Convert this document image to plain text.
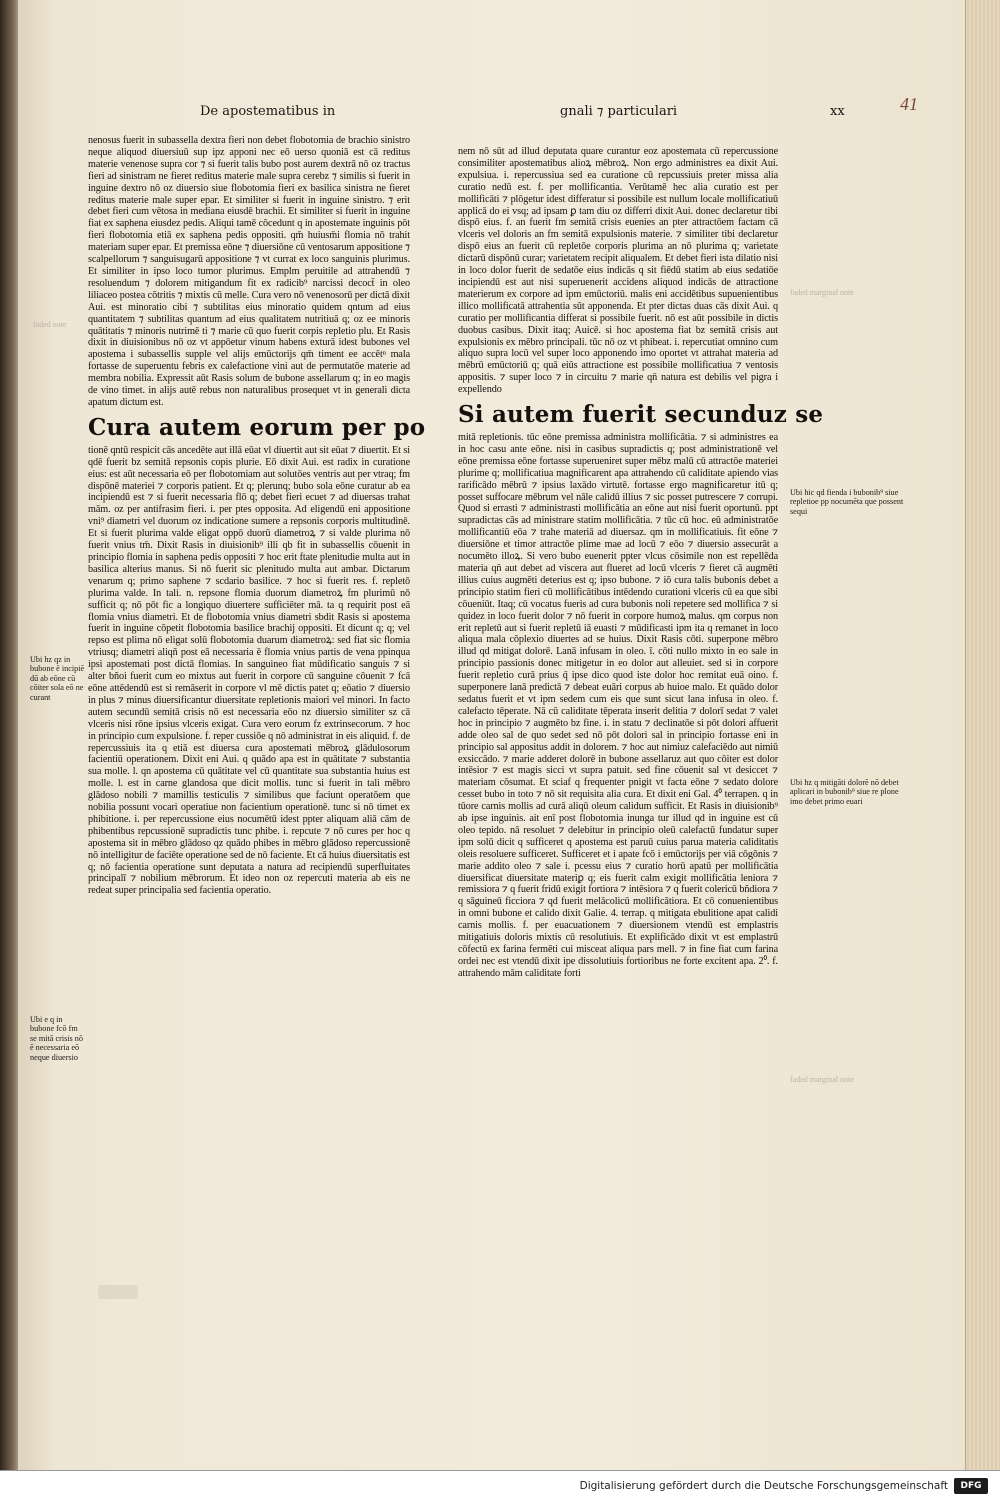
De apostematibus in	gnali ⁊ particulari	xx	41

nenosus fuerit in subassella dextra fieri non debet flobotomia de brachio sinistro neque aliquod diuersiuū sup ipz apponi nec eō uerso quoniā est cā reditus materie venenose supra cor ⁊ si fuerit talis bubo post aurem dextrā nō oz tractus fieri ad sinistram ne fieret reditus materie male supra cerebz ⁊ similis si fuerit in inguine dextro nō oz diuersio siue flobotomia fieri ex basilica sinistra ne fieret reditus materie male super epar. Et similiter si fuerit in inguine sinistro. ⁊ erit debet fieri cum vētosa in mediana eiusdē brachii. Et similiter si fuerit in inguine fiat ex saphena eiusdez pedis. Aliqui tamē cōcedunt q in apostemate inguinis pōt fieri flobotomia etiā ex saphena pedis oppositi. qm̄ huiusm̄i flomia nō trahit materiam super epar. Et premissa eōne ⁊ diuersiōne cū ventosarum appositione ⁊ scalpellorum ⁊ sanguisugarū appositione ⁊ vt currat ex loco sanguinis plurimus. Et similiter in ipso loco tumor plurimus. Emplm peruitile ad attrahendū ⁊ resoluendum ⁊ dolorem mitigandum fit ex radicib⁹ narcissi decoct̄ in oleo liliaceo postea cōtritis ⁊ mixtis cū melle. Cura vero nō venenosorū per dictā dixit Aui. est minoratio cibi ⁊ subtilitas eius minoratio quidem qntum ad eius quantitatem ⁊ subtilitas quantum ad eius qualitatem nutritiuā q; oz ee minoris quātitatis ⁊ minoris nutrimē ti ⁊ marie cū quo fuerit corpis repletio plu. Et Rasis dixit in diuisionibus nō oz vt appōetur vinum habens exturā idest bubones vel apostema i subassellis supple vel alijs emūctorijs qm̄ timent ee accētⁿ mala fortasse de superuentu febris ex calefactione vini aut de permutatōe materie ad membra nobilia. Expressit aūt Rasis solum de bubone assellarum q; in eo magis de vino timet. in alijs autē rebus non naturalibus prosequet vt in generali dicta apatum dictum est.

Cura autem eorum per po

tionē qntū respicit cās ancedēte aut illā eūat vl diuertit aut sit eūat ⁊ diuertit. Et si qdē fuerit bz semitā repsonis copis plurie. Eō dixit Aui. est radix in curatione eius: est aūt necessaria eō per flobotomiam aut solutōes ventris aut per vtraq; fm dispōnē materiei ⁊ corporis patient. Et q; plerunq; bubo sola eōne curatur ab ea incipiendū est ⁊ si fuerit necessaria flō q; debet fieri ecuet ⁊ ad diuersas trahat mām. oz per antifrasim fieri. i. per ptes opposita. Ad eligendū eni appositione vni⁹ diametri vel duorum oz indicatione sumere a repsonis corporis multitudinē. Et si fuerit plurima valde eligat oppō duorū diametroꝝ ⁊ si valde plurima nō fuerit vnius tm̄. Dixit Rasis in diuisionib⁹ illi qb fit in subassellis cōuenit in principio flomia in saphena pedis oppositi ⁊ hoc erit ftate plenitudie multa aut in basilica alterius manus. Si nō fuerit sic plenitudo multa aut ambar. Dictarum venarum q; primo saphene ⁊ scdario basilice. ⁊ hoc si fuerit res. f. repletō plurima valde. In tali. n. repsone flomia duorum diametroꝝ fm plurimū nō sufficit q; nō pōt fic a longiquo diuertere sufficiēter mā. ta q requirit post eā flomia vnius diametri. Et de flobotomia vnius diametri sbdit Rasis si apostema fuerit in inguine cōpetit flobotomia basilice brachij oppositi. Et dicunt q; q; vel repso est plima nō eligat solū flobotomia duarum diametroꝝ: sed fiat sic flomia vtriusq; diametri aliqñ post eā necessaria ē flomia vnius partis de vena ppinqua ipsi apostemati post dictā flomias. In sanguineo fiat mūdificatio sanguis ⁊ si alter bñoi fuerit cum eo mixtus aut fuerit in corpore cū sanguine cōuenit ⁊ fcā eōne attēdendū est si remāserit in corpore vl mē dictis patet q; eōatio ⁊ diuersio in plus ⁊ minus diuersificantur diuersitate repletionis maiori vel minori. In facto autem secundū semitā crisis nō est necessaria eōo nz diuersio similiter sz cā vlceris nisi rōne ipsius vlceris exigat. Cura vero eorum fz extrinsecorum. ⁊ hoc in principio cum expulsione. f. reper cussiōe q nō administrat in eis aliquid. f. de repercussiuis ita q etiā est diuersa cura apostemati mēbroꝝ glādulosorum facientiū operationem. Dixit eni Aui. q quādo apa est in quātitate ⁊ substantia sua molle. l. qn apostema cū quātitate vel cū quantitate sua substantia huius est molle. l. est in carne glandosa que dicit mollis. tunc si fuerit in tali mēbro glādoso nobili ⁊ mamillis testiculis ⁊ similibus que faciunt operatōem que nobilia possunt vocari operatiue non facientium operationē. tunc si nō timet ex phibitione. i. per repercussione eius nocumētū idest ppter aliquam aliā cām de phibentibus repcussionē supradictis tunc phibe. i. repcute ⁊ nō cures per hoc q apostema sit in mēbro glādoso qz quādo phibes in mēbro glādoso repercussionē nō intelligitur de faciēte operatione sed de nō faciente. Et cā huius diuersitatis est q; nō facientia operatione sunt deputata a natura ad recipiendū superfluitates principalī ⁊ nobilium mēbrorum. Et ideo non oz repercuti materia ab eis ne redeat super principalia sed facientia operatio.

nem nō sūt ad illud deputata quare curantur eoz apostemata cū repercussione consimiliter apostematibus alioꝝ mēbroꝝ. Non ergo administres ea dixit Aui. expulsiua. i. repercussiua sed ea curatione cū repcussiuis preter missa alia curatio nedū est. f. per mollificantia. Verūtamē hec alia curatio est per mollificāti ⁊ plōgetur idest differatur si possibile est nullum locale mollificatiuū applicā do ei vsq; ad ipsam ꝑ tam diu oz differri dixit Aui. donec declaretur tibi dispō eius. f. an fuerit fm semitā crisis euenies an pter attractōem factam cā vlceris vel doloris an fm semitā expulsionis materie. ⁊ similiter tibi declaretur dispō eius an fuerit cū repletōe corporis plurima an nō plurima q; varietate dictarū dispōnū curar; varietatem recipit aliqualem. Et debet fieri ista dilatio nisi in loco dolor fuerit de sedatōe eius indicās q sit fiēdū statim ab eius sedatiōe incipiendū est aut nisi superuenerit accidens aliquod indicās de attractione materierum ex corpore ad ipm emūctoriū. malis eni accidētibus supuenientibus illico mollificatā attrahentia sūt apponenda. Et pter dictas duas cās dixit Aui. q curatio per mollificantia differat si possibile fuerit. nō est aūt possibile in dictis duobus casibus. Dixit itaq; Auicē. si hoc apostema fiat bz semitā crisis aut expulsionis ex mēbro principali. tūc nō oz vt phibeat. i. repercutiat omnino cum aliquo supra locū vel super loco apponendo imo oportet vt attrahat materia ad mēbrū emūctoriū q; quā eiūs attractione est possibile mollificatiua ⁊ ventosis appositis. ⁊ super loco ⁊ in circuitu ⁊ marie qn̄ natura est debilis vel pigra i expellendo

Si autem fuerit secunduz se

mitā repletionis. tūc eōne premissa administra mollificātia. ⁊ si administres ea in hoc casu ante eōne. nisi in casibus supradictis q; post administrationē vel eōne premissa eōne fortasse superueniret super mēbz malū cū attractōe materiei plurime q; mollificatiua magnificarent apa attrahendo cū caliditate apiendo vias rarificādo mēbrū ⁊ ipsius laxādo virtutē. fortasse ergo magnificaretur itū q; posset suffocare mēbrum vel nāle calidū illius ⁊ sic posset putrescere ⁊ corrupi. Quod si errasti ⁊ administrasti mollificātia an eōne aut nisi fuerit oportunū. ppt supradictas cās ad ministrare statim mollificātia. ⁊ tūc cū hoc. eū administratōe mollificantiū eōa ⁊ trahe materiā ad diuersaz. qm in mollificatiuis. fit eōne ⁊ diuersiōne et timor attractōe plime mae ad locū ⁊ eōo ⁊ diuersio assecurāt a nocumēto illoꝝ. Si vero bubo euenerit ppter vlcus cōsimile non est repellēda materia qn̄ aut debet ad viscera aut flueret ad locū vlceris ⁊ fieret cā augmēti illius cuius augmēti deterius est q; ipso bubone. ⁊ iō cura talis bubonis debet a principio statim fieri cū mollificātibus intēdendo curationi vlceris cū ea que sibi cōueniūt. Itaq; cū vocatus fueris ad cura bubonis noli repetere sed mollifica ⁊ si quidez in loco fuerit dolor ⁊ nō fuerit in corpore humoꝝ malus. qm corpus non erit repletū aut si fuerit repletū iā euasti ⁊ mūdificasti ipm ita q remanet in loco aliqua mala cōplexio diuertes ad se huius. Dixit Rasis cōti. superpone mēbro illud qd mitigat dolorē. Lanā infusam in oleo. ī. cōti nullo mixto in eo sale in principio passionis donec mitigetur in eo dolor aut alleuiet. sed si in corpore fuerit repletio curā prius q̄ ipse dico quod iste dolor hoc remitat euā oino. f. superponere lanā predictā ⁊ debeat euāri corpus ab huioe malo. Et quādo dolor sedatus fuerit et vt ipm sedem cum eis que sunt sicut lana infusa in oleo. f. calefacto tēperate. Nā cū caliditate tēperata inserit delitia ⁊ dolorī sedat ⁊ valet hoc in principio ⁊ augmēto bz fine. i. in statu ⁊ declinatōe si pōt dolori affuerit adde oleo sal de quo sedet sed nō pōt dolori sal in principio fortasse eni in principio sal appositus addit in dolorem. ⁊ hoc aut nimiuz calefaciēdo aut nimiū exsiccādo. ⁊ marie adderet dolorē in bubone assellaruz aut quo cōiter est dolor intēsior ⁊ est magis sicci vt supra patuit. sed fine cōuenit sal vt desiccet ⁊ materiam cōsumat. Et sciaf q frequenter pnigit vt facta eōne ⁊ sedato dolore cesset bubo in toto ⁊ nō sit requisita alia cura. Et dixit eni Gal. 4⁰ terrapen. q in tūore carnis mollis ad curā aliqū oleum calidum sufficit. Et Rasis in diuisionib⁹ ab ipse inguinis. ait enī post flobotomia inunga tur illud qd in inguine est cū oleo tepido. nā resoluet ⁊ delebitur in principio oleū calefactū fundatur super ipm solū dicit q sufficeret q apostema est paruū cuius parua materia caliditatis oleis resoluere sufficeret. Sufficeret et i apate fcō i emūctorijs per viā cōgōnis ⁊ marie addito oleo ⁊ sale i. pcessu eius ⁊ curatio horū apatū per mollificātia diuersificat diuersitate materiꝑ q; eis fuerit calm exigit mollificātia leniora ⁊ remissiora ⁊ q fuerit fridū exigit fortiora ⁊ intēsiora ⁊ q fuerit colericū bñdiora ⁊ q sāguineū ficciora ⁊ qd fuerit melācolicū mollificātiora. Et cō conuenientibus in omni bubone et calido dixit Galie. 4. terrap. q mitigata ebulitione apat calidi carnis mollis. f. per euacuationem ⁊ diuersionem vtendū est emplastris mitigatiuis doloris mixtis cū resolutiuis. Et explificādo dixit vt est emplastrū cōfectū ex farina fermēti cui misceat aliqua pars mell. ⁊ in fine fiat cum farina ordei nec est vtendū dixit ipe dissolutiuis fortioribus ne forte excitent apa. 2⁰. f. attrahendo mām caliditate forti

Ubi hic qd fienda i bubonib⁹ siue repletioe pp nocumēta que possent sequi
Ubi hz q mitigāti dolorē nō debet aplicari in bubonib⁹ siue re plone imo debet primo euari
Ubi hz qz in bubone ē incipiē dū ab eōne cū cōiter sola eō ne curant
Ubi e q in bubone fcō fm se mitā crisis nō ē necessaria eō neque diuersio
faded marginal note
faded marginal note
faded note
Digitalisierung gefördert durch die Deutsche Forschungsgemeinschaft	DFG
